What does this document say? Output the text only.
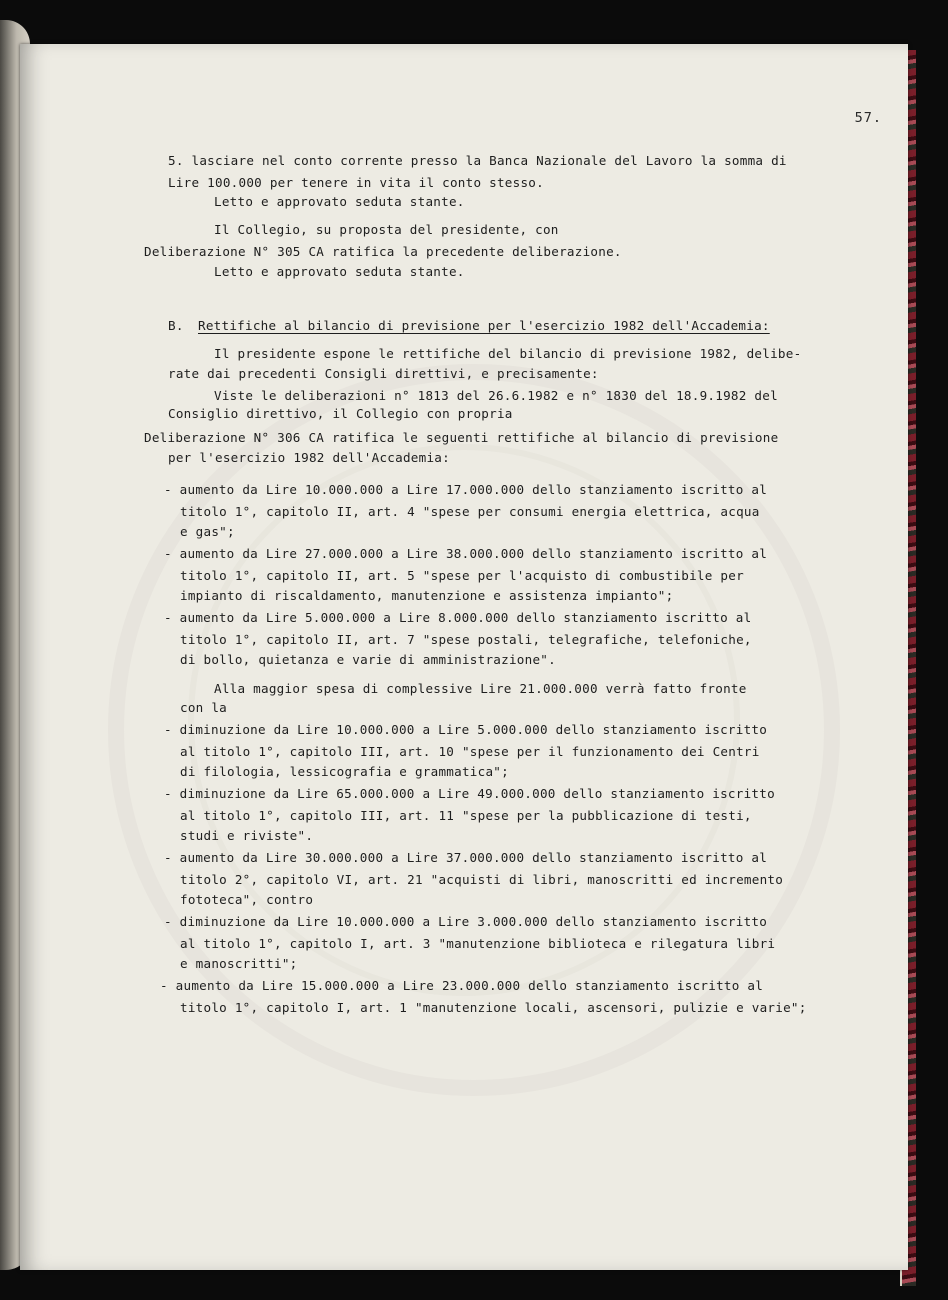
57.
5. lasciare nel conto corrente presso la Banca Nazionale del Lavoro la somma di
Lire 100.000 per tenere in vita il conto stesso.
Letto e approvato seduta stante.
Il Collegio, su proposta del presidente, con
Deliberazione N° 305 CA ratifica la precedente deliberazione.
Letto e approvato seduta stante.
B. Rettifiche al bilancio di previsione per l'esercizio 1982 dell'Accademia:
Il presidente espone le rettifiche del bilancio di previsione 1982, delibe-
rate dai precedenti Consigli direttivi, e precisamente:
Viste le deliberazioni n° 1813 del 26.6.1982 e n° 1830 del 18.9.1982 del
Consiglio direttivo, il Collegio con propria
Deliberazione N° 306 CA ratifica le seguenti rettifiche al bilancio di previsione
per l'esercizio 1982 dell'Accademia:
- aumento da Lire 10.000.000 a Lire 17.000.000 dello stanziamento iscritto al
titolo 1°, capitolo II, art. 4 "spese per consumi energia elettrica, acqua
e gas";
- aumento da Lire 27.000.000 a Lire 38.000.000 dello stanziamento iscritto al
titolo 1°, capitolo II, art. 5 "spese per l'acquisto di combustibile per
impianto di riscaldamento, manutenzione e assistenza impianto";
- aumento da Lire 5.000.000 a Lire 8.000.000 dello stanziamento iscritto al
titolo 1°, capitolo II, art. 7 "spese postali, telegrafiche, telefoniche,
di bollo, quietanza e varie di amministrazione".
Alla maggior spesa di complessive Lire 21.000.000 verrà fatto fronte
con la
- diminuzione da Lire 10.000.000 a Lire 5.000.000 dello stanziamento iscritto
al titolo 1°, capitolo III, art. 10 "spese per il funzionamento dei Centri
di filologia, lessicografia e grammatica";
- diminuzione da Lire 65.000.000 a Lire 49.000.000 dello stanziamento iscritto
al titolo 1°, capitolo III, art. 11 "spese per la pubblicazione di testi,
studi e riviste".
- aumento da Lire 30.000.000 a Lire 37.000.000 dello stanziamento iscritto al
titolo 2°, capitolo VI, art. 21 "acquisti di libri, manoscritti ed incremento
fototeca", contro
- diminuzione da Lire 10.000.000 a Lire 3.000.000 dello stanziamento iscritto
al titolo 1°, capitolo I, art. 3 "manutenzione biblioteca e rilegatura libri
e manoscritti";
- aumento da Lire 15.000.000 a Lire 23.000.000 dello stanziamento iscritto al
titolo 1°, capitolo I, art. 1 "manutenzione locali, ascensori, pulizie e varie";
